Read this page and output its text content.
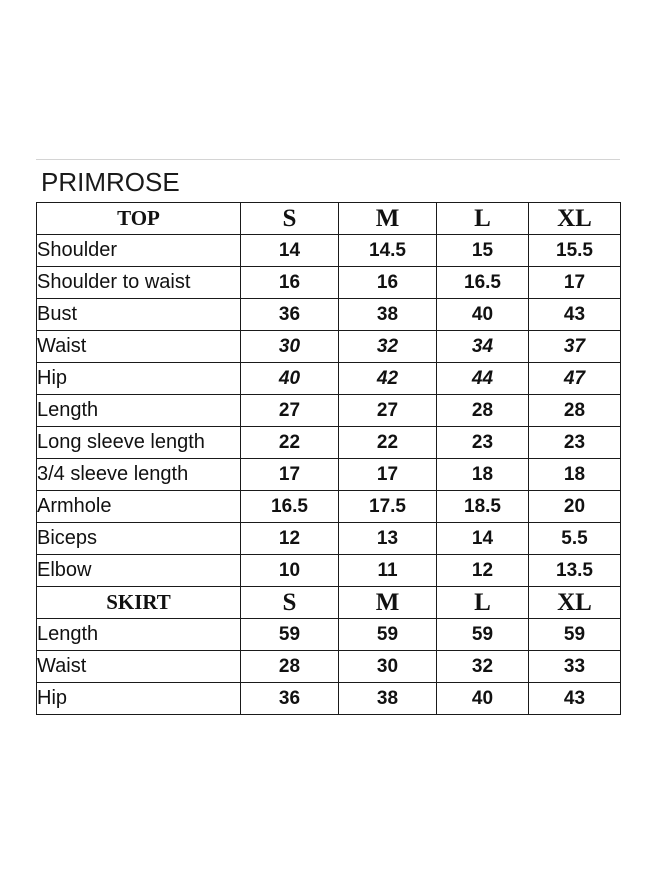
PRIMROSE
TOP	S	M	L	XL
Shoulder	14	14.5	15	15.5
Shoulder to waist	16	16	16.5	17
Bust	36	38	40	43
Waist	30	32	34	37
Hip	40	42	44	47
Length	27	27	28	28
Long sleeve length	22	22	23	23
3/4 sleeve length	17	17	18	18
Armhole	16.5	17.5	18.5	20
Biceps	12	13	14	5.5
Elbow	10	11	12	13.5
SKIRT	S	M	L	XL
Length	59	59	59	59
Waist	28	30	32	33
Hip	36	38	40	43
